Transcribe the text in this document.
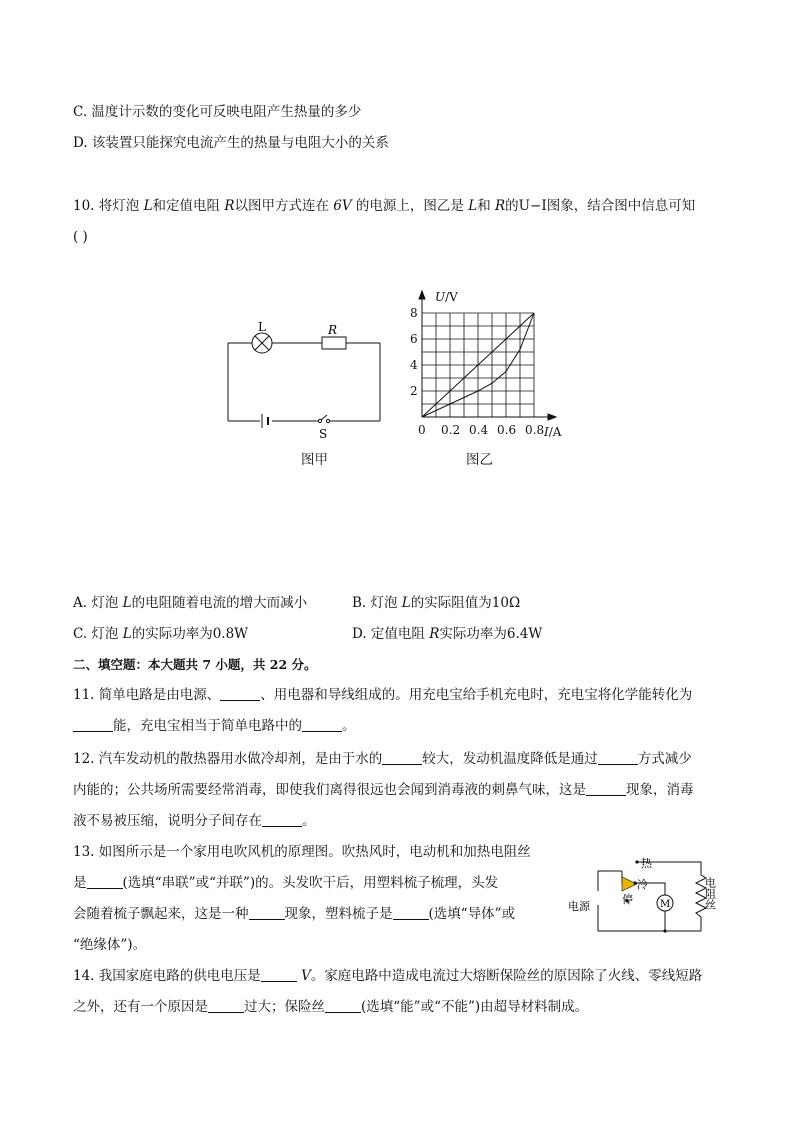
C. 温度计示数的变化可反映电阻产生热量的多少
D. 该装置只能探究电流产生的热量与电阻大小的关系
10. 将灯泡 L和定值电阻 R以图甲方式连在 6V 的电源上，图乙是 L和 R的U−I图象，结合图中信息可知
( )
L	R
S
图甲
0 0.2 0.4 0.6 0.8
2
4
6
8
U/V
I/A
图乙
A. 灯泡 L的电阻随着电流的增大而减小	B. 灯泡 L的实际阻值为10Ω
C. 灯泡 L的实际功率为0.8W	D. 定值电阻 R实际功率为6.4W
二、填空题：本大题共 7 小题，共 22 分。
11. 简单电路是由电源、	、用电器和导线组成的。用充电宝给手机充电时，充电宝将化学能转化为
能，充电宝相当于简单电路中的	。
12. 汽车发动机的散热器用水做冷却剂，是由于水的	较大，发动机温度降低是通过	方式减少
内能的；公共场所需要经常消毒，即使我们离得很远也会闻到消毒液的刺鼻气味，这是	现象，消毒
液不易被压缩，说明分子间存在	。
13. 如图所示是一个家用电吹风机的原理图。吹热风时，电动机和加热电阻丝
是	(选填“串联”或“并联”)的。头发吹干后，用塑料梳子梳理，头发
会随着梳子飘起来，这是一种	现象，塑料梳子是	(选填“导体”或
“绝缘体”)。
热
冷
停
电源	M	电阻丝
14. 我国家庭电路的供电电压是	V。家庭电路中造成电流过大熔断保险丝的原因除了火线、零线短路
之外，还有一个原因是	过大；保险丝	(选填“能”或“不能”)由超导材料制成。
